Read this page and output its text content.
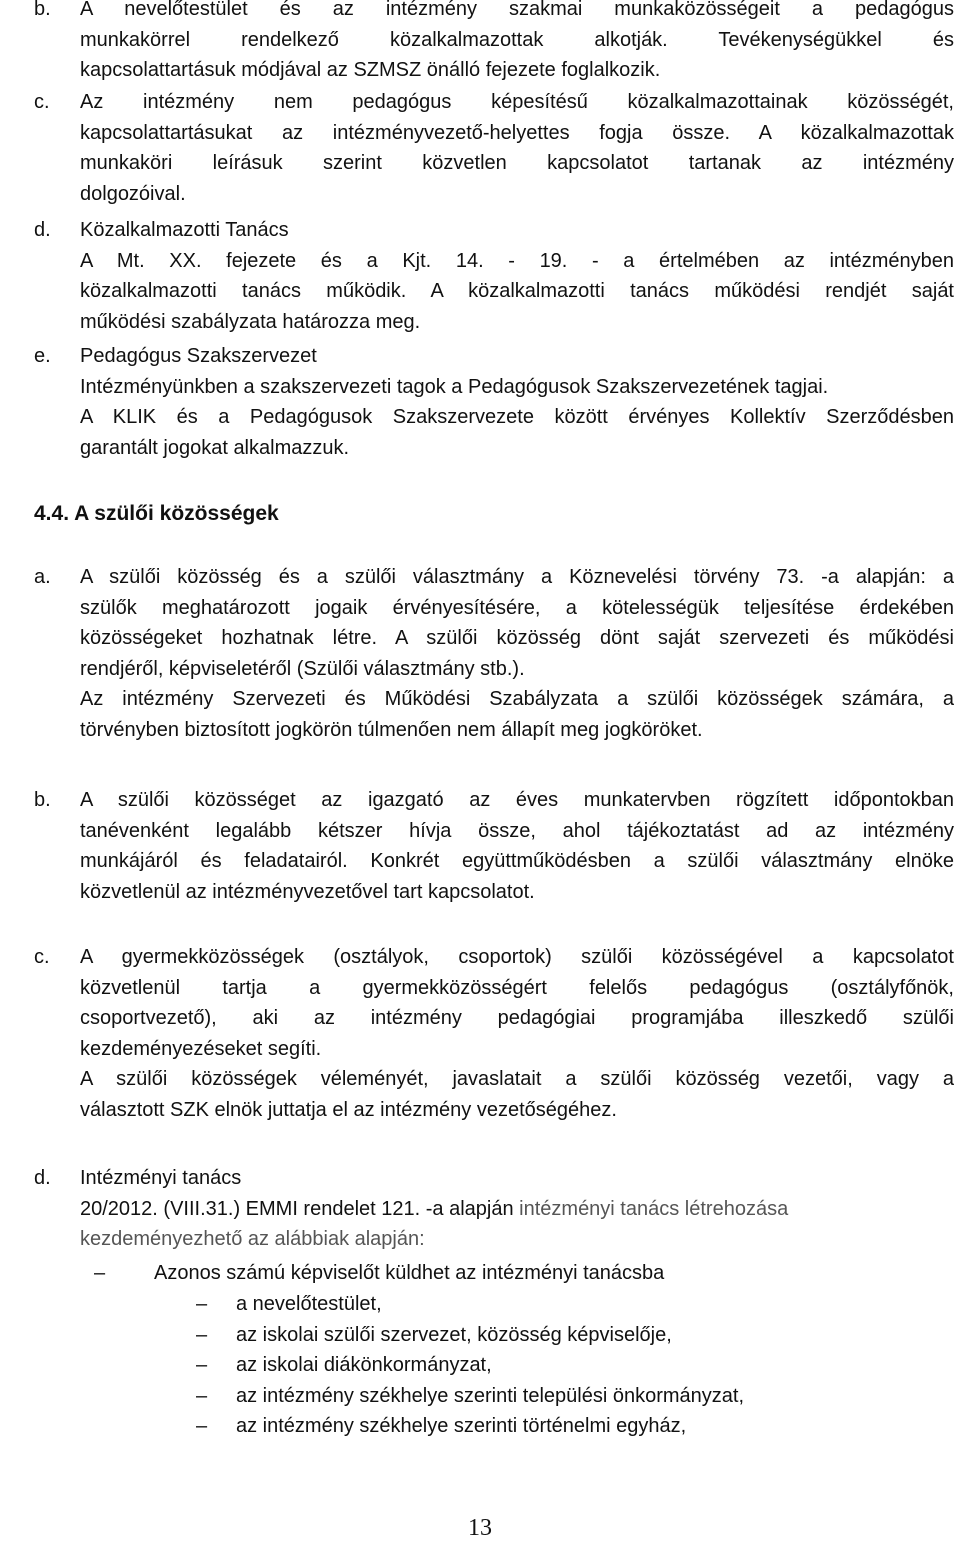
b. A nevelőtestület és az intézmény szakmai munkaközösségeit a pedagógus
munkakörrel rendelkező közalkalmazottak alkotják. Tevékenységükkel és
kapcsolattartásuk módjával az SZMSZ önálló fejezete foglalkozik.
c. Az intézmény nem pedagógus képesítésű közalkalmazottainak közösségét,
kapcsolattartásukat az intézményvezető-helyettes fogja össze. A közalkalmazottak
munkaköri leírásuk szerint közvetlen kapcsolatot tartanak az intézmény
dolgozóival.
d. Közalkalmazotti Tanács
A Mt. XX. fejezete és a Kjt. 14. - 19. - a értelmében az intézményben
közalkalmazotti tanács működik. A közalkalmazotti tanács működési rendjét saját
működési szabályzata határozza meg.
e. Pedagógus Szakszervezet
Intézményünkben a szakszervezeti tagok a Pedagógusok Szakszervezetének tagjai.
A KLIK és a Pedagógusok Szakszervezete között érvényes Kollektív Szerződésben
garantált jogokat alkalmazzuk.
4.4. A szülői közösségek
a. A szülői közösség és a szülői választmány a Köznevelési törvény 73. -a alapján: a
szülők meghatározott jogaik érvényesítésére, a kötelességük teljesítése érdekében
közösségeket hozhatnak létre. A szülői közösség dönt saját szervezeti és működési
rendjéről, képviseletéről (Szülői választmány stb.).
Az intézmény Szervezeti és Működési Szabályzata a szülői közösségek számára, a
törvényben biztosított jogkörön túlmenően nem állapít meg jogköröket.
b. A szülői közösséget az igazgató az éves munkatervben rögzített időpontokban
tanévenként legalább kétszer hívja össze, ahol tájékoztatást ad az intézmény
munkájáról és feladatairól. Konkrét együttműködésben a szülői választmány elnöke
közvetlenül az intézményvezetővel tart kapcsolatot.
c. A gyermekközösségek (osztályok, csoportok) szülői közösségével a kapcsolatot
közvetlenül tartja a gyermekközösségért felelős pedagógus (osztályfőnök,
csoportvezető), aki az intézmény pedagógiai programjába illeszkedő szülői
kezdeményezéseket segíti.
A szülői közösségek véleményét, javaslatait a szülői közösség vezetői, vagy a
választott SZK elnök juttatja el az intézmény vezetőségéhez.
d. Intézményi tanács
20/2012. (VIII.31.) EMMI rendelet 121. -a alapján intézményi tanács létrehozása
kezdeményezhető az alábbiak alapján:
– Azonos számú képviselőt küldhet az intézményi tanácsba
– a nevelőtestület,
– az iskolai szülői szervezet, közösség képviselője,
– az iskolai diákönkormányzat,
– az intézmény székhelye szerinti települési önkormányzat,
– az intézmény székhelye szerinti történelmi egyház,
13
